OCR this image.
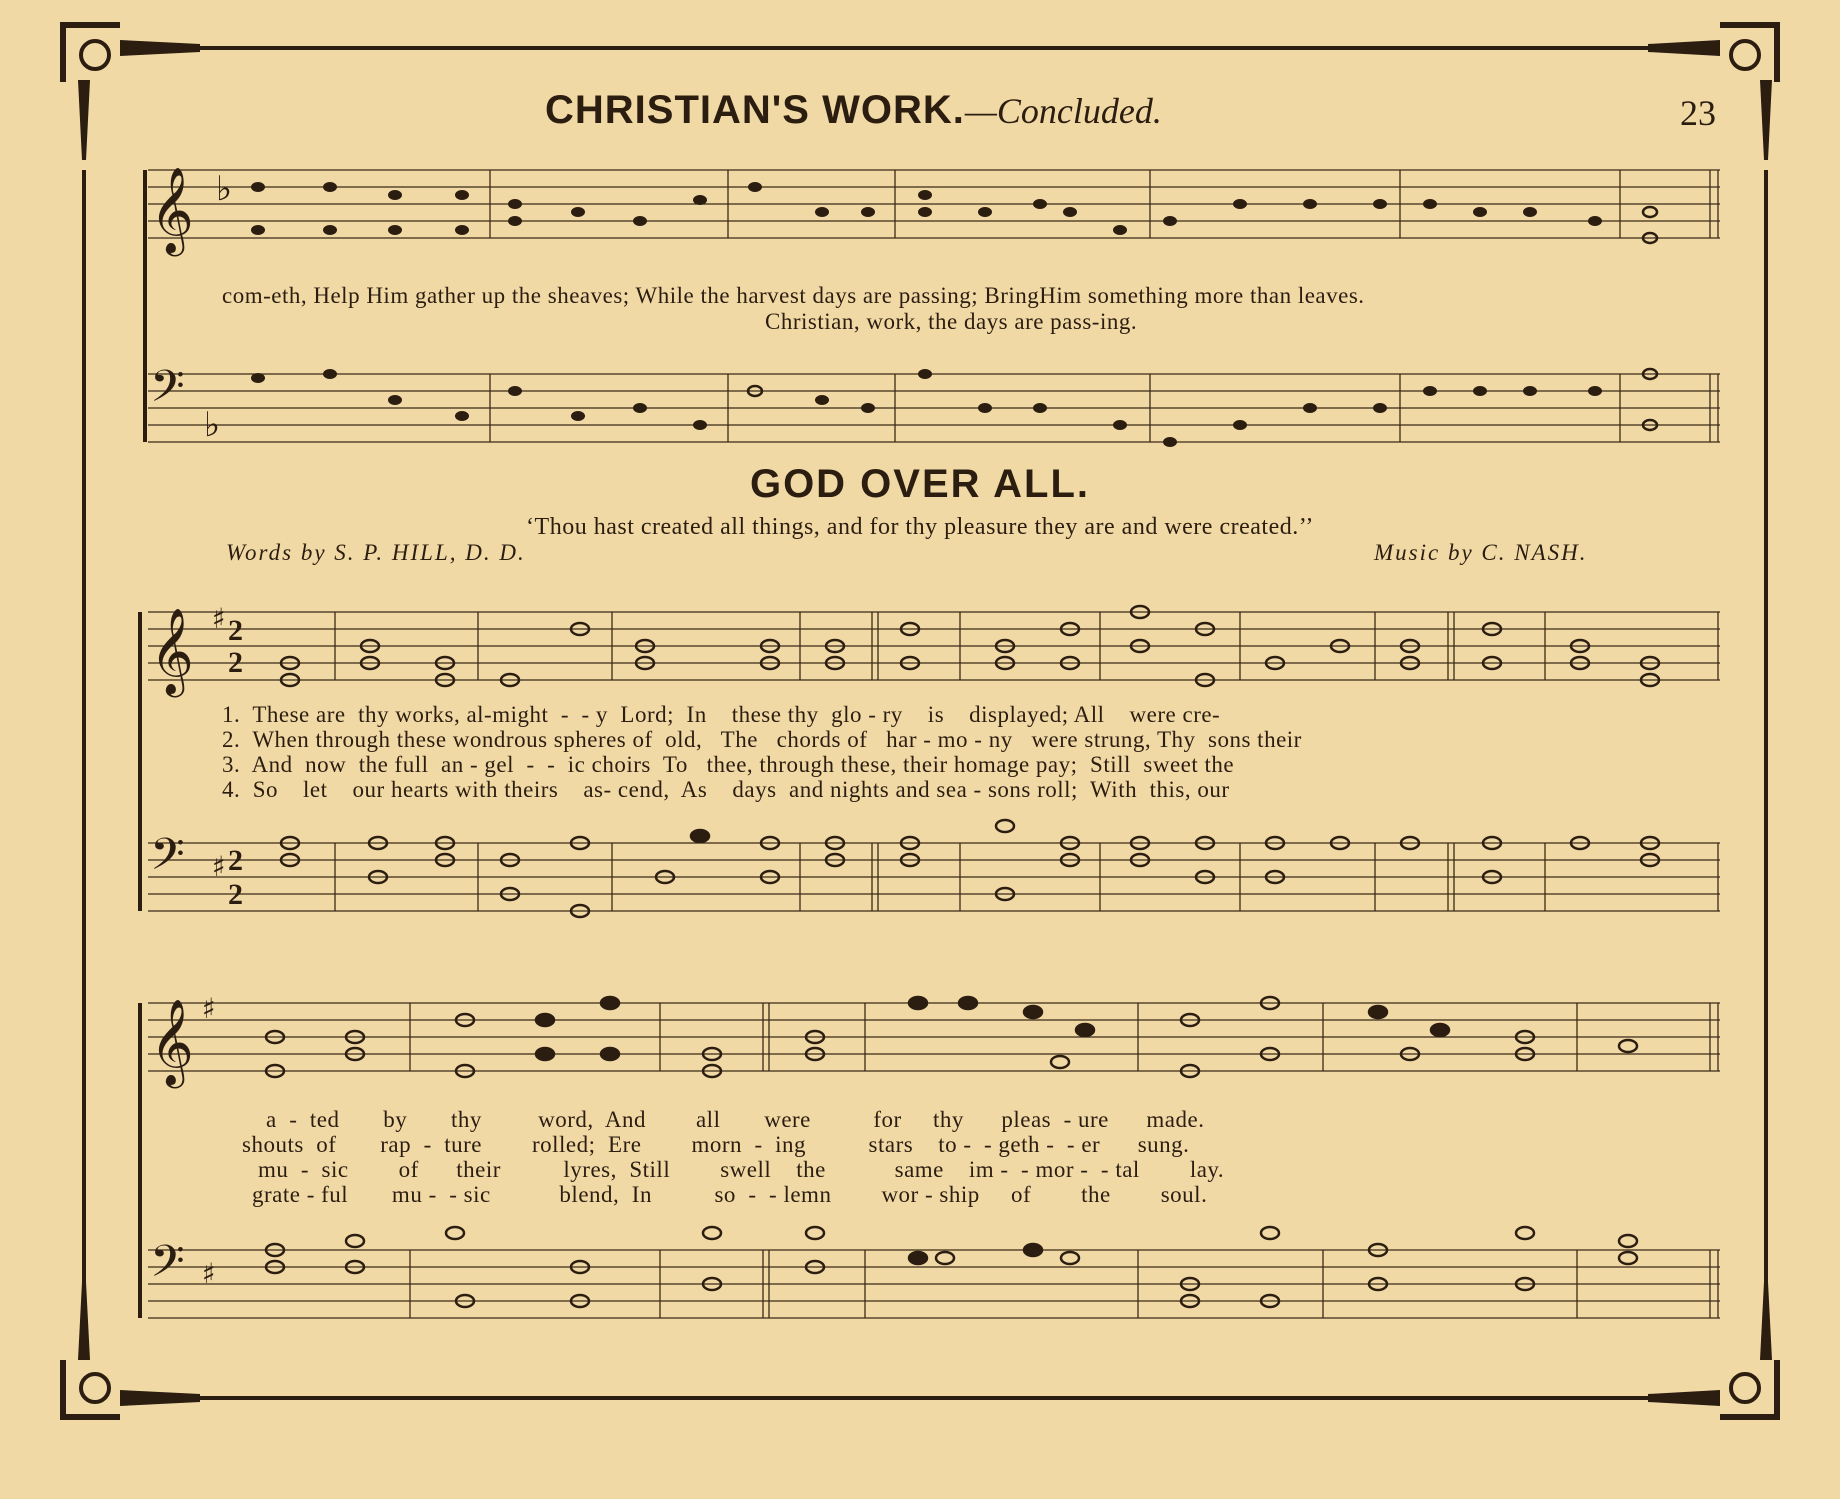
𝄞 ♭
𝄢
♭
𝄞 ♯ 2
2
𝄢 ♯ 2
2
𝄞 ♯
𝄢 ♯
CHRISTIAN'S WORK.—Concluded.	23
com-eth, Help Him gather up the sheaves; While the harvest days are passing; BringHim something more than leaves.
Christian, work, the days are pass-ing.
GOD OVER ALL.
‘Thou hast created all things, and for thy pleasure they are and were created.’’
Words by S. P. HILL, D. D.	Music by C. NASH.
1.  These are  thy works, al-might  -  - y  Lord;  In    these thy  glo - ry    is    displayed; All    were cre-
2.  When through these wondrous spheres of  old,   The   chords of   har - mo - ny   were strung, Thy  sons their
3.  And  now  the full  an - gel  -  -  ic choirs  To   thee, through these, their homage pay;  Still  sweet the
4.  So    let    our hearts with theirs    as- cend,  As    days  and nights and sea - sons roll;  With  this, our
a  -  ted       by       thy         word,  And        all       were          for     thy      pleas  - ure      made.
shouts  of       rap  -  ture        rolled;  Ere        morn  -  ing          stars    to -  - geth -  - er      sung.
mu  -  sic        of      their          lyres,  Still        swell    the           same    im -  - mor -  - tal        lay.
grate - ful       mu -  - sic           blend,  In          so  -  - lemn        wor - ship     of        the        soul.
